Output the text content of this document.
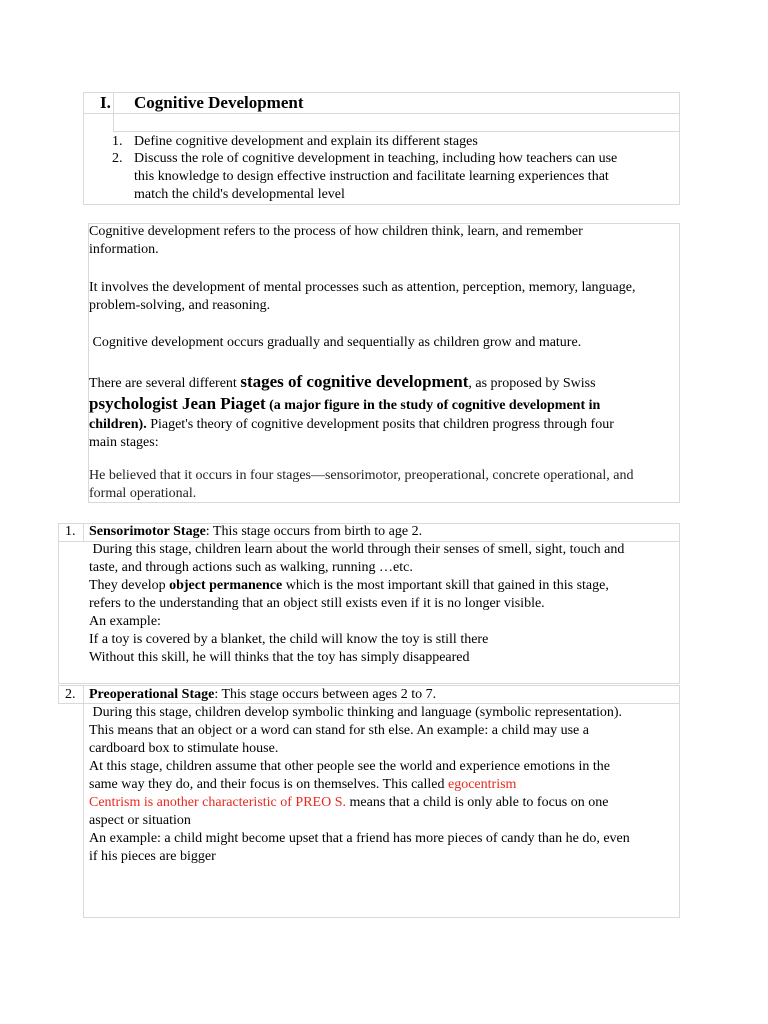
I. Cognitive Development
1. Define cognitive development and explain its different stages
2. Discuss the role of cognitive development in teaching, including how teachers can use

this knowledge to design effective instruction and facilitate learning experiences that

match the child's developmental level

Cognitive development refers to the process of how children think, learn, and remember

information.

It involves the development of mental processes such as attention, perception, memory, language,

problem-solving, and reasoning.

Cognitive development occurs gradually and sequentially as children grow and mature.

There are several different stages of cognitive development, as proposed by Swiss

psychologist Jean Piaget (a major figure in the study of cognitive development in

children). Piaget's theory of cognitive development posits that children progress through four

main stages:

He believed that it occurs in four stages—sensorimotor, preoperational, concrete operational, and

formal operational.

1. Sensorimotor Stage: This stage occurs from birth to age 2.

During this stage, children learn about the world through their senses of smell, sight, touch and

taste, and through actions such as walking, running …etc.

They develop object permanence which is the most important skill that gained in this stage,

refers to the understanding that an object still exists even if it is no longer visible.

An example:

If a toy is covered by a blanket, the child will know the toy is still there

Without this skill, he will thinks that the toy has simply disappeared

2. Preoperational Stage: This stage occurs between ages 2 to 7.

During this stage, children develop symbolic thinking and language (symbolic representation).

This means that an object or a word can stand for sth else. An example: a child may use a

cardboard box to stimulate house.

At this stage, children assume that other people see the world and experience emotions in the

same way they do, and their focus is on themselves. This called egocentrism

Centrism is another characteristic of PREO S. means that a child is only able to focus on one

aspect or situation

An example: a child might become upset that a friend has more pieces of candy than he do, even

if his pieces are bigger
